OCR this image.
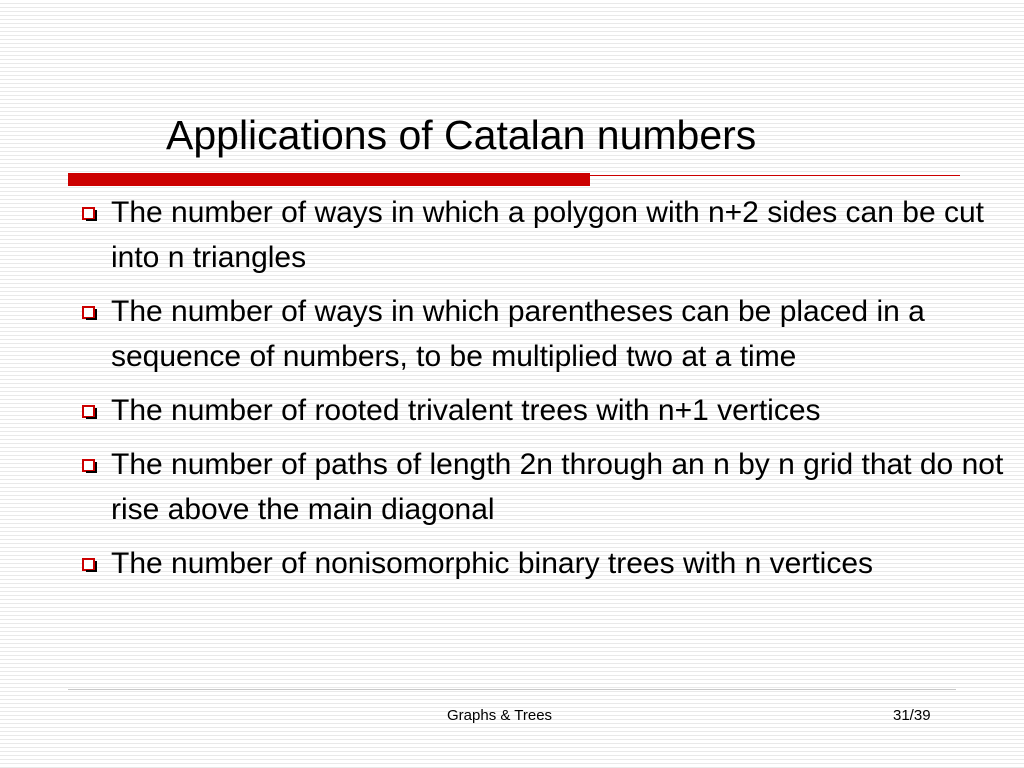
Applications of Catalan numbers
The number of ways in which a polygon with n+2 sides can be cut into n triangles
The number of ways in which parentheses can be placed in a sequence of numbers, to be multiplied two at a time
The number of rooted trivalent trees with n+1 vertices
The number of paths of length 2n through an n by n grid that do not rise above the main diagonal
The number of nonisomorphic binary trees with n vertices
Graphs & Trees	31/39
